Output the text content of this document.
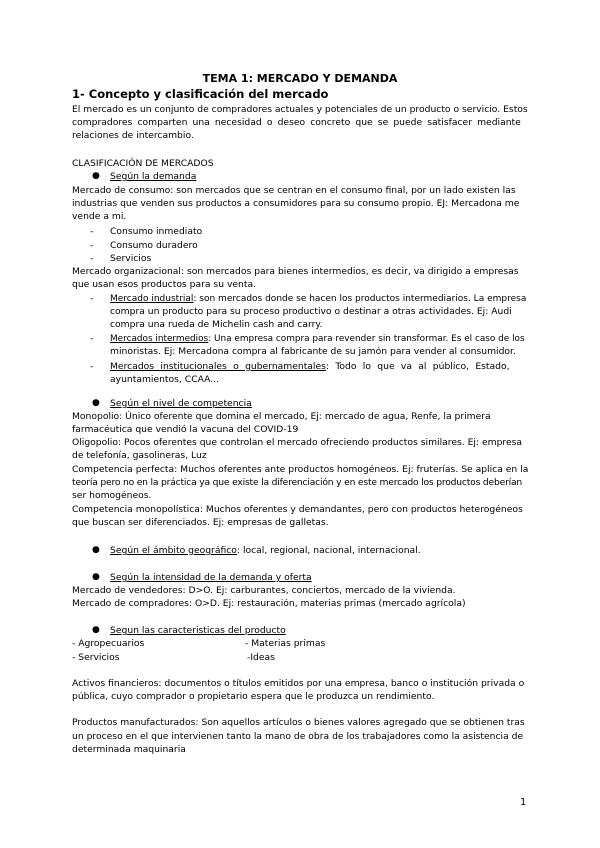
TEMA 1: MERCADO Y DEMANDA
1- Concepto y clasificación del mercado
El mercado es un conjunto de compradores actuales y potenciales de un producto o servicio. Estos
compradores comparten una necesidad o deseo concreto que se puede satisfacer mediante
relaciones de intercambio.
CLASIFICACIÓN DE MERCADOS
● Según la demanda
Mercado de consumo: son mercados que se centran en el consumo final, por un lado existen las
industrias que venden sus productos a consumidores para su consumo propio. EJ: Mercadona me
vende a mi.
- Consumo inmediato
- Consumo duradero
- Servicios
Mercado organizacional: son mercados para bienes intermedios, es decir, va dirigido a empresas
que usan esos productos para su venta.
- Mercado industrial: son mercados donde se hacen los productos intermediarios. La empresa
compra un producto para su proceso productivo o destinar a otras actividades. Ej: Audi
compra una rueda de Michelin cash and carry.
- Mercados intermedios: Una empresa compra para revender sin transformar. Es el caso de los
minoristas. Ej: Mercadona compra al fabricante de su jamón para vender al consumidor.
- Mercados institucionales o gubernamentales: Todo lo que va al público, Estado,
ayuntamientos, CCAA...
● Según el nivel de competencia
Monopolio: Único oferente que domina el mercado, Ej: mercado de agua, Renfe, la primera
farmacéutica que vendió la vacuna del COVID-19
Oligopolio: Pocos oferentes que controlan el mercado ofreciendo productos similares. Ej: empresa
de telefonía, gasolineras, Luz
Competencia perfecta: Muchos oferentes ante productos homogéneos. Ej: fruterías. Se aplica en la
teoría pero no en la práctica ya que existe la diferenciación y en este mercado los productos deberían
ser homogéneos.
Competencia monopolística: Muchos oferentes y demandantes, pero con productos heterogéneos
que buscan ser diferenciados. Ej: empresas de galletas.
● Según el ámbito geográfico: local, regional, nacional, internacional.
● Según la intensidad de la demanda y oferta
Mercado de vendedores: D>O. Ej: carburantes, conciertos, mercado de la vivienda.
Mercado de compradores: O>D. Ej: restauración, materias primas (mercado agrícola)
● Segun las caracteristicas del producto
- Agropecuarios	- Materias primas
- Servicios	-Ideas
Activos financieros: documentos o títulos emitidos por una empresa, banco o institución privada o
pública, cuyo comprador o propietario espera que le produzca un rendimiento.
Productos manufacturados: Son aquellos artículos o bienes valores agregado que se obtienen tras
un proceso en el que intervienen tanto la mano de obra de los trabajadores como la asistencia de
determinada maquinaria
1
